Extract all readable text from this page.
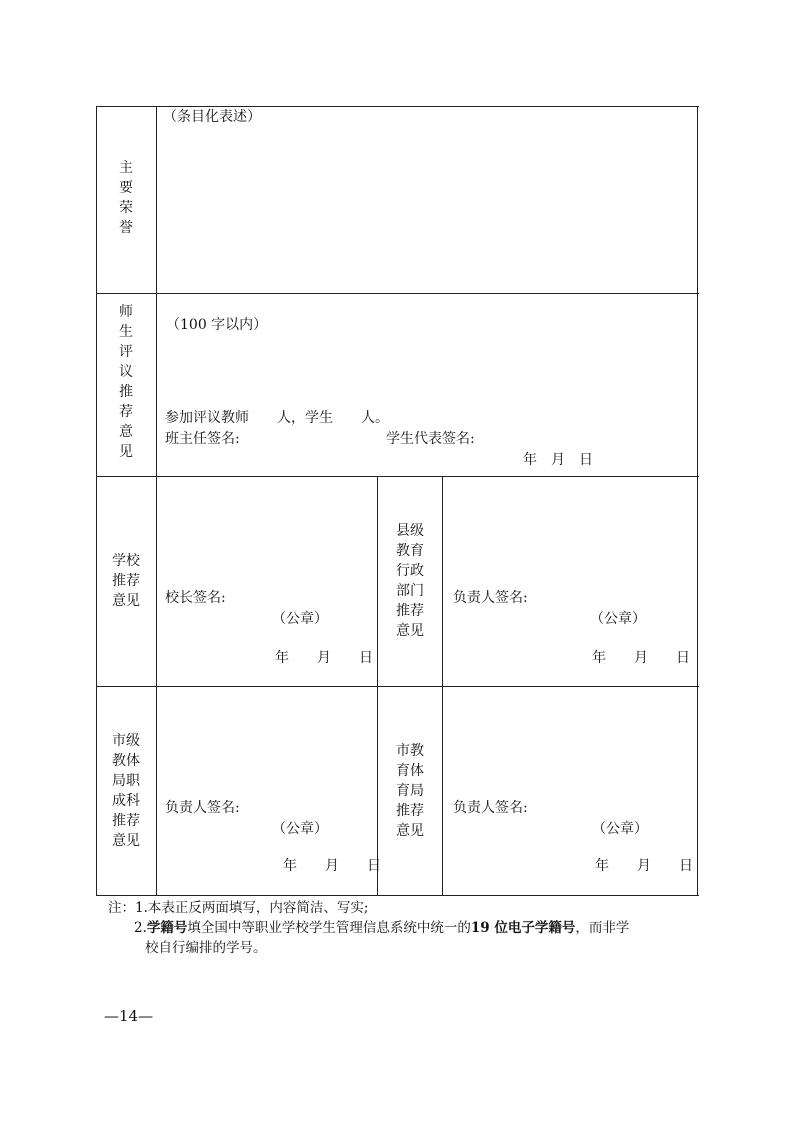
主
要
荣
誉
（条目化表述）
师
生
评
议
推
荐
意
见
（100 字以内）
参加评议教师　　人，学生　　人。
班主任签名:	学生代表签名:
年　月　日
学校
推荐
意见	校长签名:
（公章）
年　　月　　日
县级
教育
行政
部门
推荐
意见
负责人签名:
（公章）
年　　月　　日
市级
教体
局职
成科
推荐
意见
负责人签名:
（公章）
年　　月　　日
市教
育体
育局
推荐
意见
负责人签名:
（公章）
年　　月　　日
注：1.本表正反两面填写，内容简洁、写实;
2.学籍号填全国中等职业学校学生管理信息系统中统一的19 位电子学籍号，而非学
校自行编排的学号。
—14—
